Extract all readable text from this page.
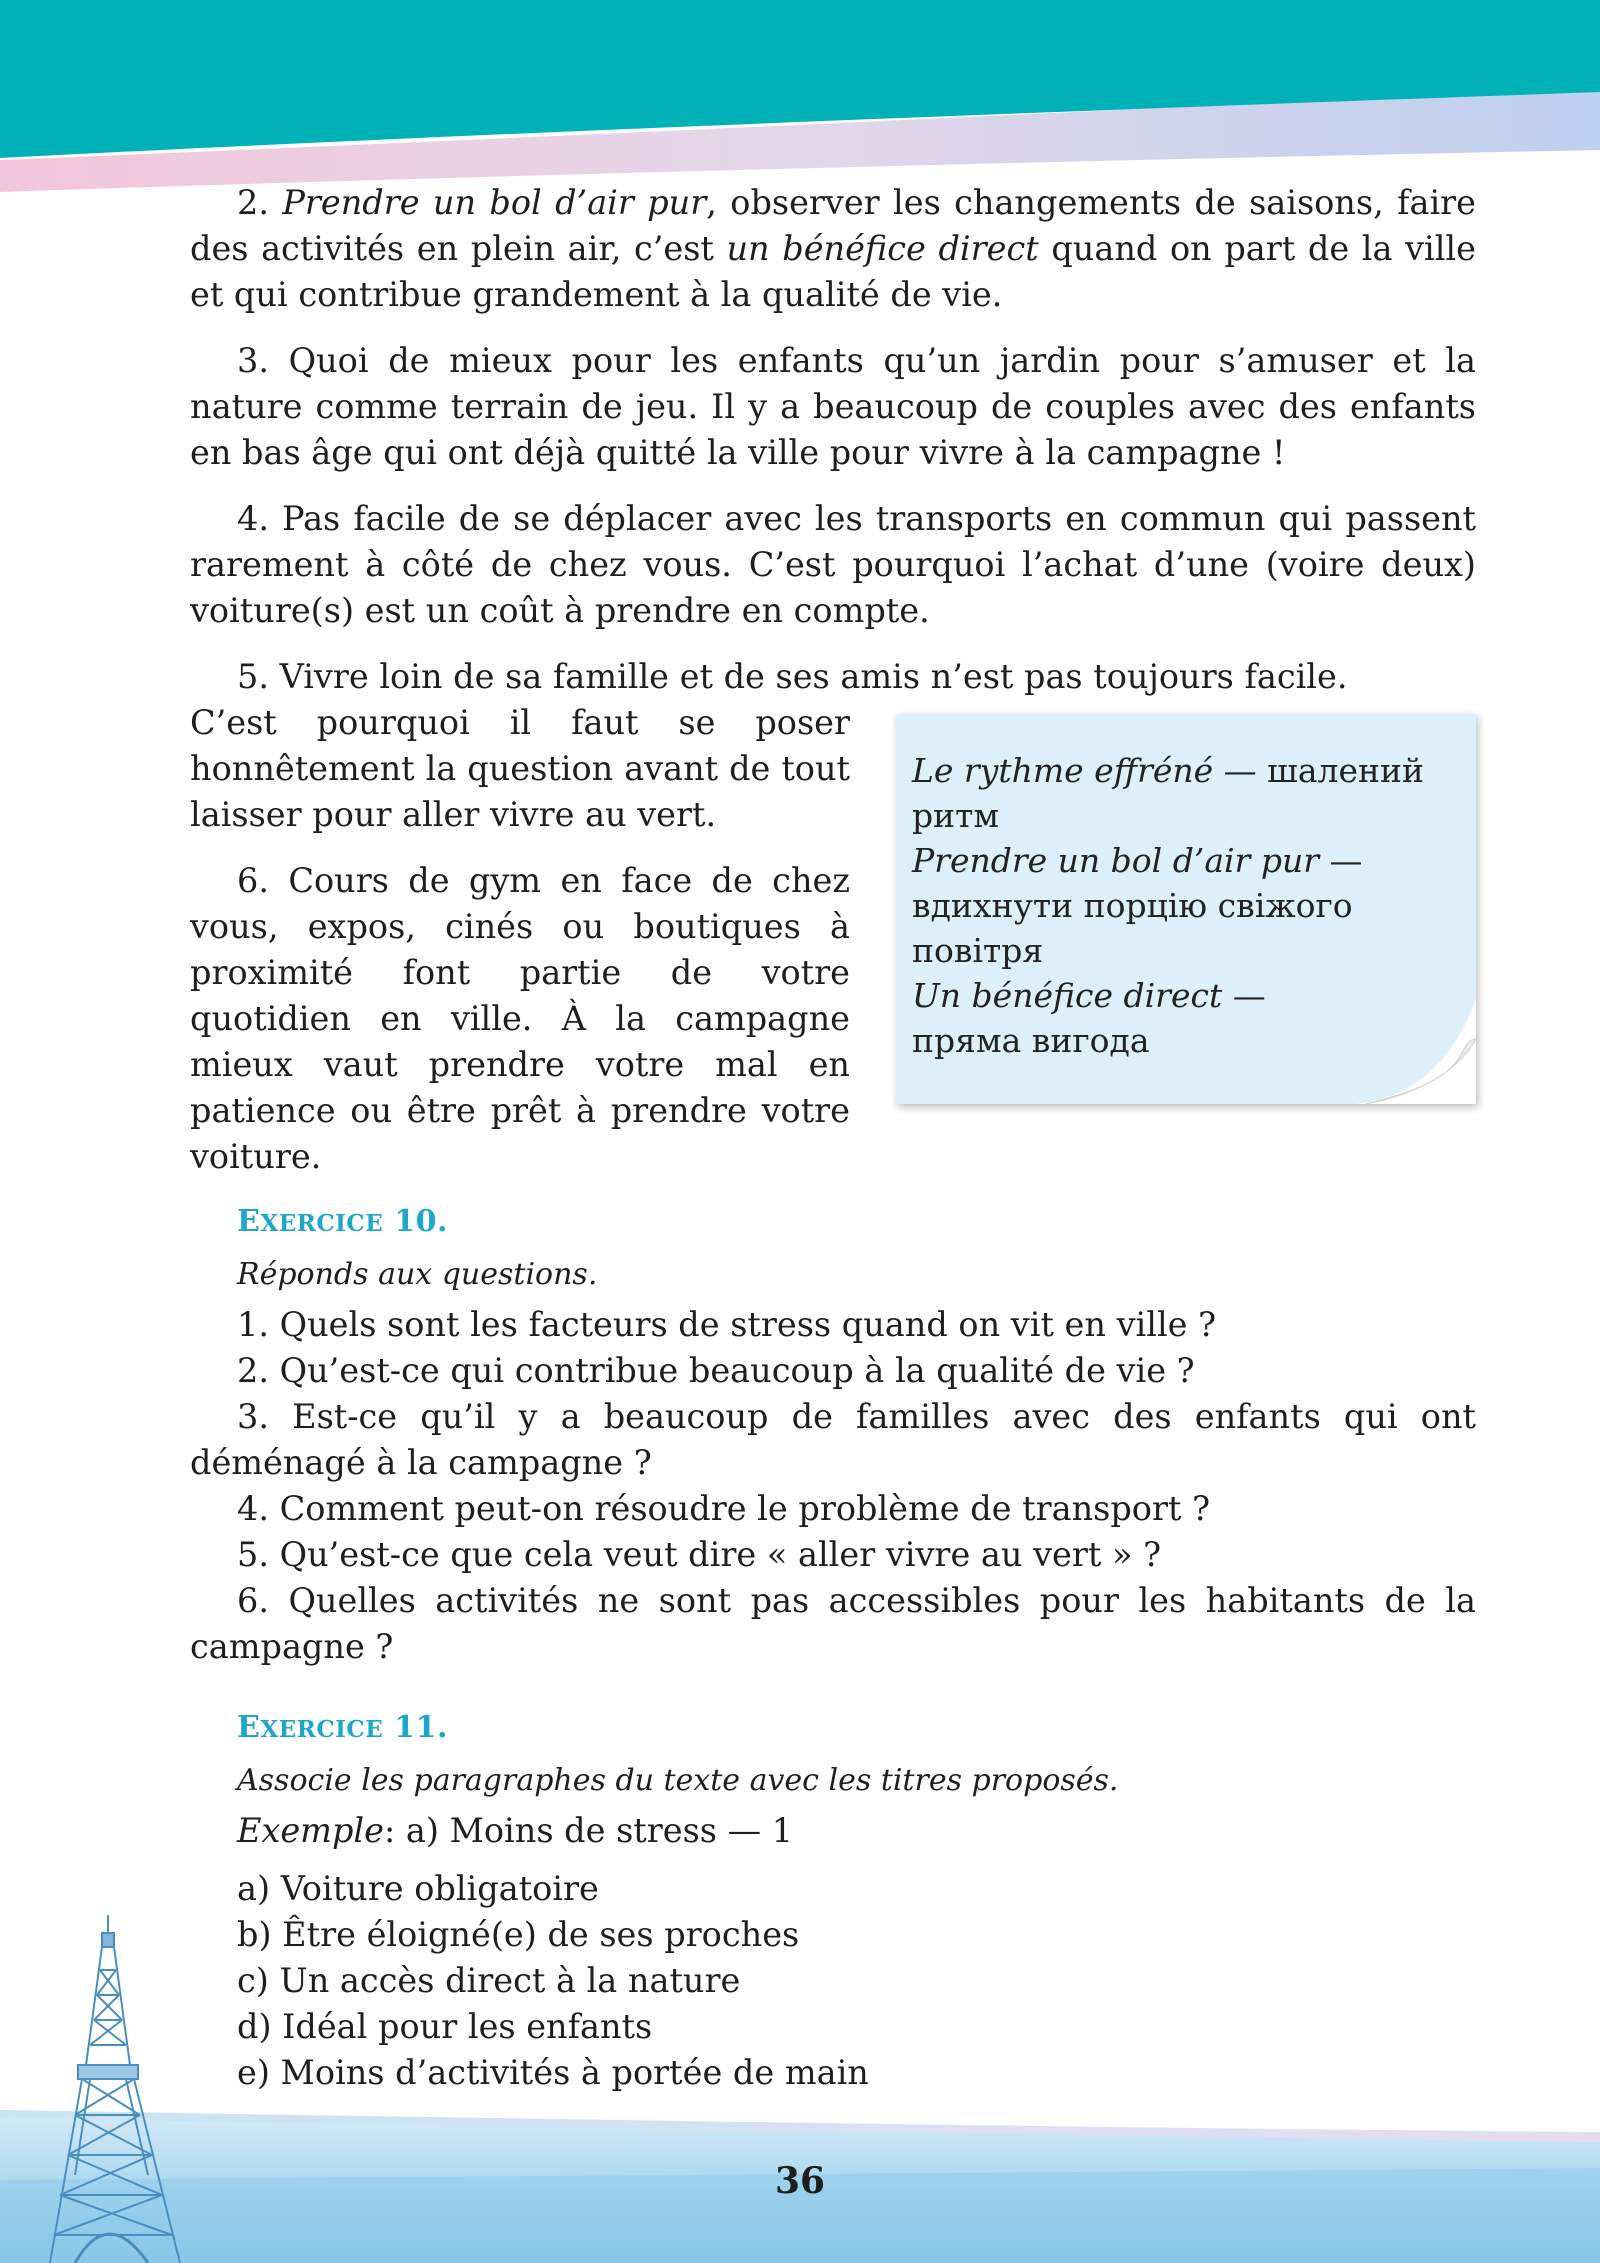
2. Prendre un bol d’air pur, observer les changements de saisons, faire des activités en plein air, c’est un bénéfice direct quand on part de la ville et qui contribue grandement à la qualité de vie.

3. Quoi de mieux pour les enfants qu’un jardin pour s’amuser et la nature comme terrain de jeu. Il y a beaucoup de couples avec des enfants en bas âge qui ont déjà quitté la ville pour vivre à la campagne !

4. Pas facile de se déplacer avec les transports en commun qui passent rarement à côté de chez vous. C’est pourquoi l’achat d’une (voire deux) voiture(s) est un coût à prendre en compte.

5. Vivre loin de sa famille et de ses amis n’est pas toujours facile.

C’est pourquoi il faut se poser honnêtement la question avant de tout laisser pour aller vivre au vert.

6. Cours de gym en face de chez vous, expos, cinés ou boutiques à proximité font partie de votre quotidien en ville. À la campagne mieux vaut prendre votre mal en patience ou être prêt à prendre votre voiture.

Le rythme effréné — шалений ритм
Prendre un bol d’air pur — вдихнути порцію свіжого повітря
Un bénéfice direct —
пряма вигода
EXERCICE 10.
Réponds aux questions.

1. Quels sont les facteurs de stress quand on vit en ville ?

2. Qu’est-ce qui contribue beaucoup à la qualité de vie ?

3. Est-ce qu’il y a beaucoup de familles avec des enfants qui ont déménagé à la campagne ?

4. Comment peut-on résoudre le problème de transport ?

5. Qu’est-ce que cela veut dire « aller vivre au vert » ?

6. Quelles activités ne sont pas accessibles pour les habitants de la campagne ?

EXERCICE 11.
Associe les paragraphes du texte avec les titres proposés.

Exemple: a) Moins de stress — 1

a) Voiture obligatoire

b) Être éloigné(e) de ses proches

c) Un accès direct à la nature

d) Idéal pour les enfants

e) Moins d’activités à portée de main

36
